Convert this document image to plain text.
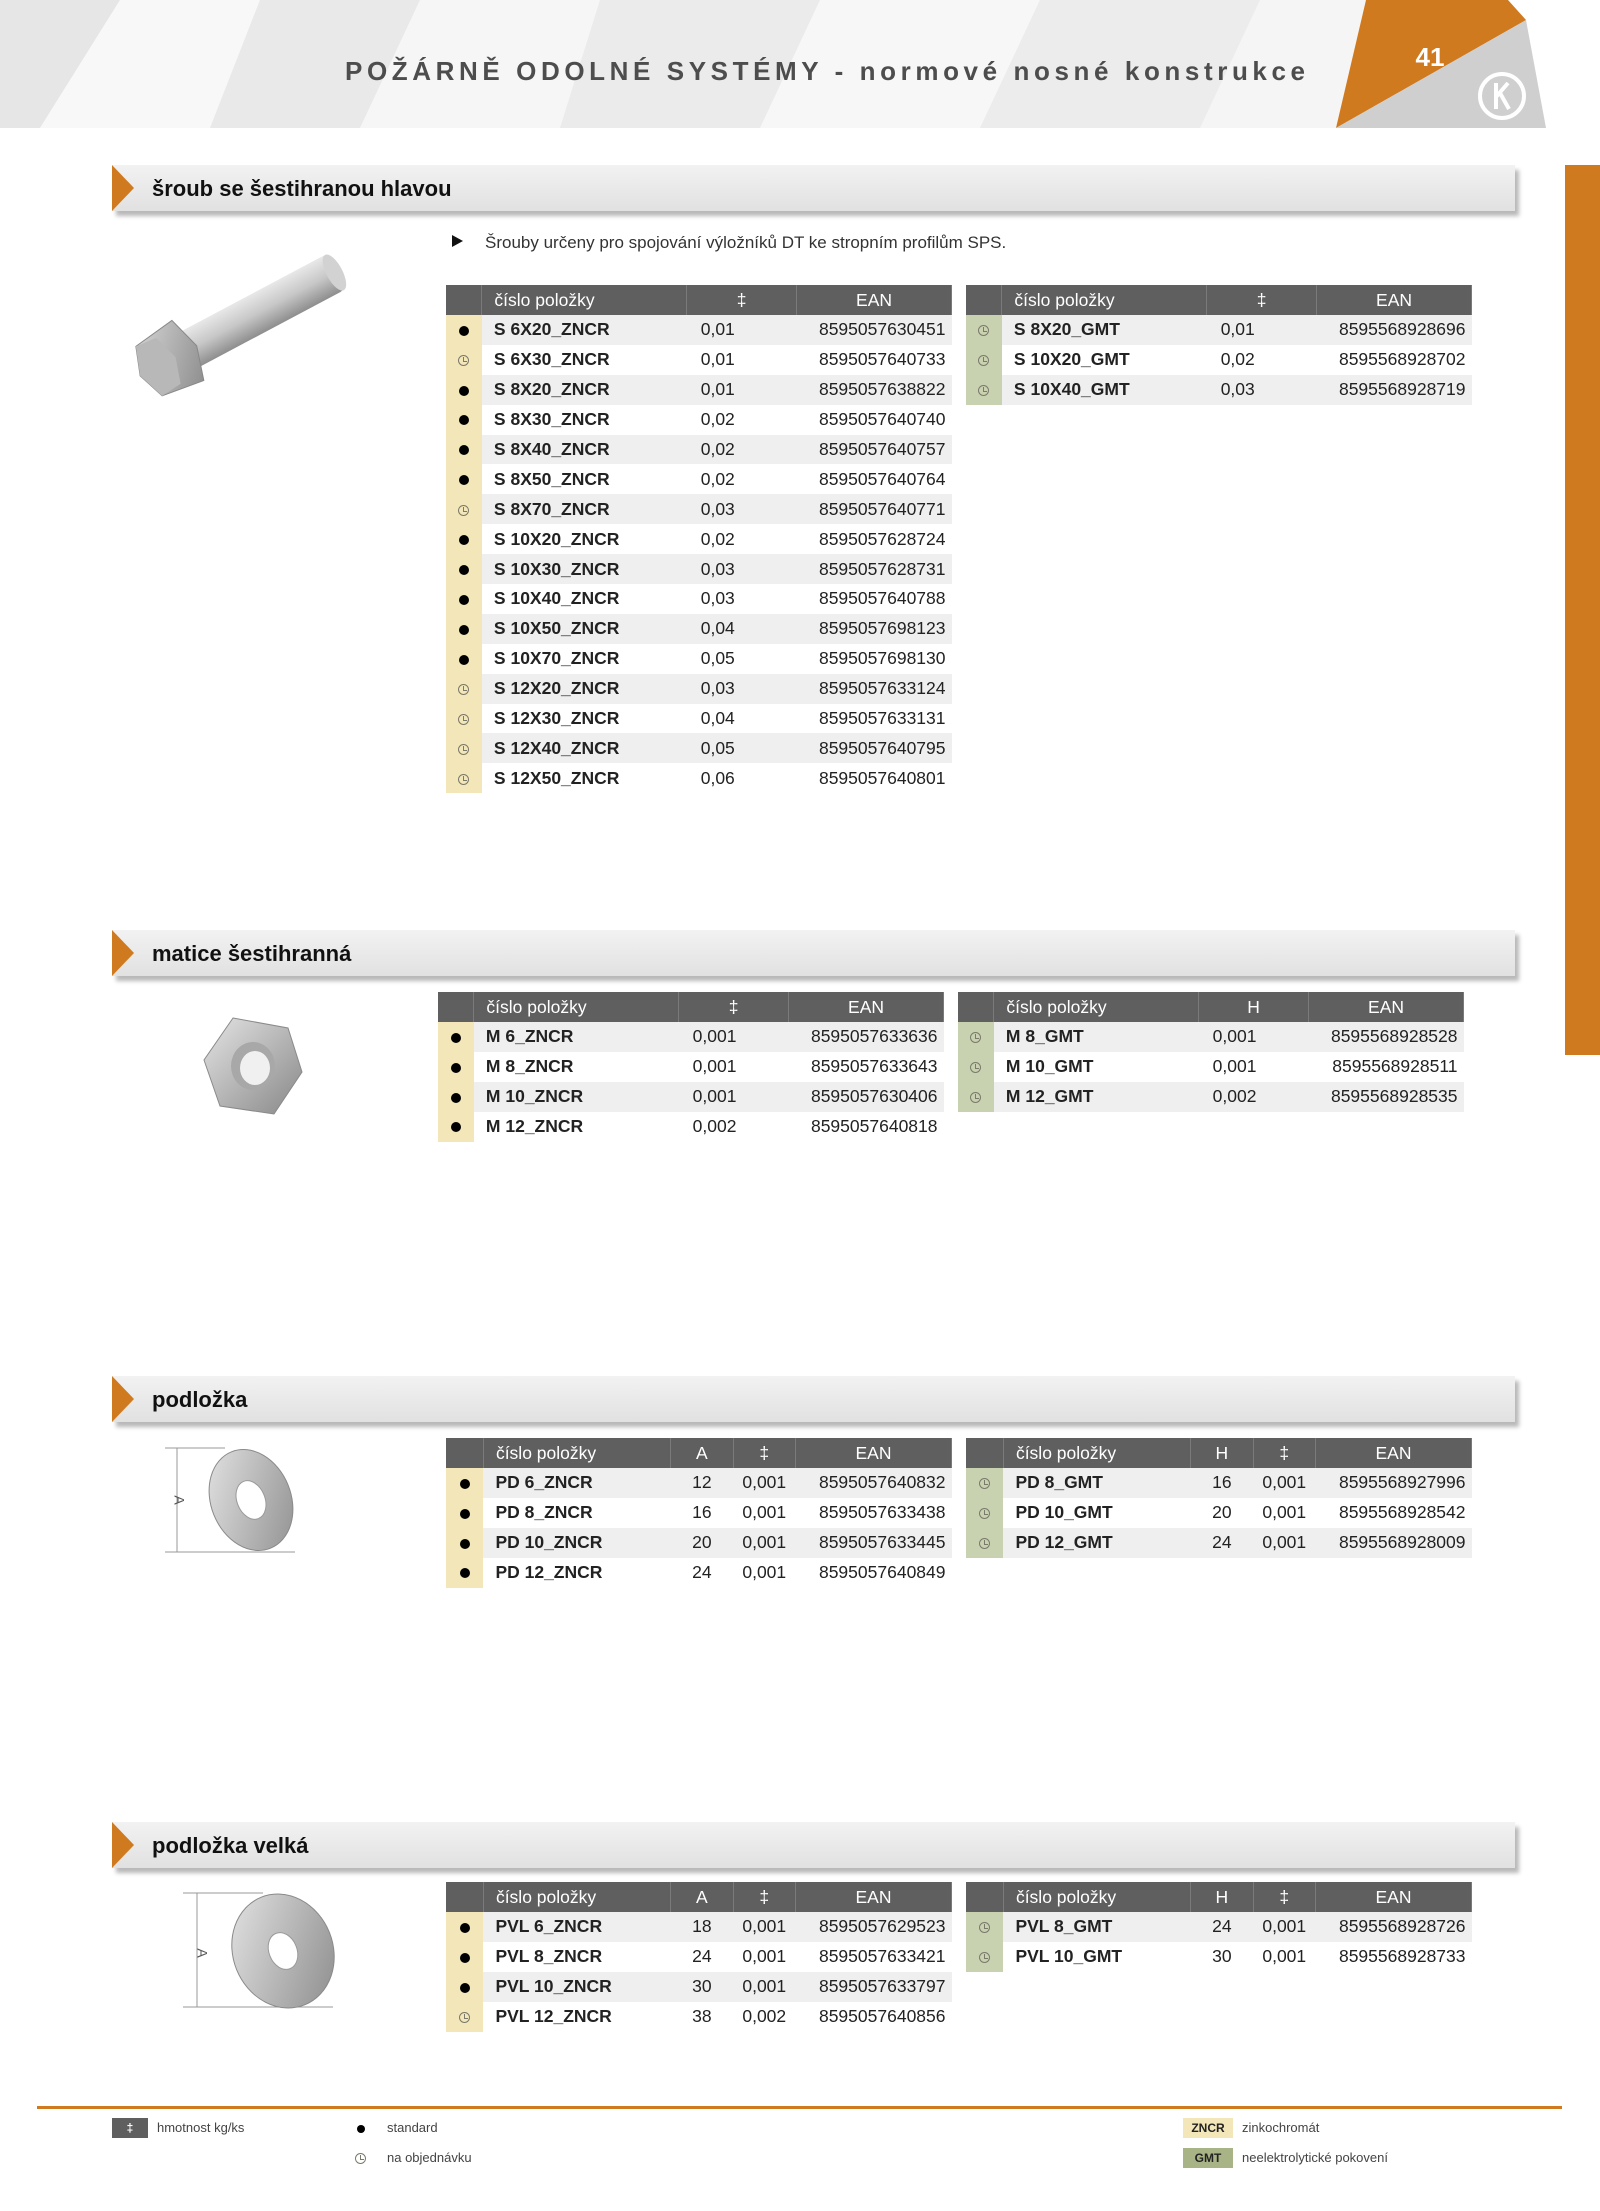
POŽÁRNĚ ODOLNÉ SYSTÉMY - normové nosné konstrukce	41
šroub se šestihranou hlavou
Šrouby určeny pro spojování výložníků DT ke stropním profilům SPS.
	číslo položky	‡	EAN
	S 6X20_ZNCR	0,01	8595057630451
	S 6X30_ZNCR	0,01	8595057640733
	S 8X20_ZNCR	0,01	8595057638822
	S 8X30_ZNCR	0,02	8595057640740
	S 8X40_ZNCR	0,02	8595057640757
	S 8X50_ZNCR	0,02	8595057640764
	S 8X70_ZNCR	0,03	8595057640771
	S 10X20_ZNCR	0,02	8595057628724
	S 10X30_ZNCR	0,03	8595057628731
	S 10X40_ZNCR	0,03	8595057640788
	S 10X50_ZNCR	0,04	8595057698123
	S 10X70_ZNCR	0,05	8595057698130
	S 12X20_ZNCR	0,03	8595057633124
	S 12X30_ZNCR	0,04	8595057633131
	S 12X40_ZNCR	0,05	8595057640795
	S 12X50_ZNCR	0,06	8595057640801
	číslo položky	‡	EAN
	S 8X20_GMT	0,01	8595568928696
	S 10X20_GMT	0,02	8595568928702
	S 10X40_GMT	0,03	8595568928719
matice šestihranná
	číslo položky	‡	EAN
	M 6_ZNCR	0,001	8595057633636
	M 8_ZNCR	0,001	8595057633643
	M 10_ZNCR	0,001	8595057630406
	M 12_ZNCR	0,002	8595057640818
	číslo položky	H	EAN
	M 8_GMT	0,001	8595568928528
	M 10_GMT	0,001	8595568928511
	M 12_GMT	0,002	8595568928535
podložka
A
	číslo položky	A	‡	EAN
	PD 6_ZNCR	12	0,001	8595057640832
	PD 8_ZNCR	16	0,001	8595057633438
	PD 10_ZNCR	20	0,001	8595057633445
	PD 12_ZNCR	24	0,001	8595057640849
	číslo položky	H	‡	EAN
	PD 8_GMT	16	0,001	8595568927996
	PD 10_GMT	20	0,001	8595568928542
	PD 12_GMT	24	0,001	8595568928009
podložka velká
A
	číslo položky	A	‡	EAN
	PVL 6_ZNCR	18	0,001	8595057629523
	PVL 8_ZNCR	24	0,001	8595057633421
	PVL 10_ZNCR	30	0,001	8595057633797
	PVL 12_ZNCR	38	0,002	8595057640856
	číslo položky	H	‡	EAN
	PVL 8_GMT	24	0,001	8595568928726
	PVL 10_GMT	30	0,001	8595568928733
‡	hmotnost kg/ks	standard
na objednávku
ZNCR	zinkochromát
GMT	neelektrolytické pokovení
